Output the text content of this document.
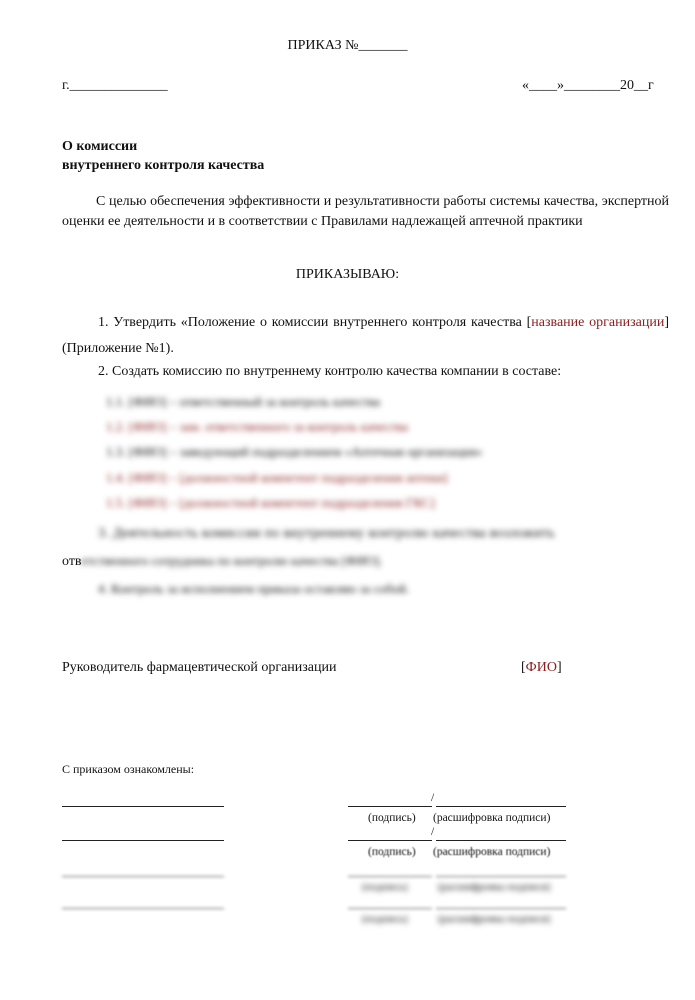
ПРИКАЗ №_______
г.______________	«____»________20__г
О комиссии
внутреннего контроля качества
С целью обеспечения эффективности и результативности работы системы качества, экспертной оценки ее деятельности и в соответствии с Правилами надлежащей аптечной практики
ПРИКАЗЫВАЮ:
1. Утвердить «Положение о комиссии внутреннего контроля качества [название организации] (Приложение №1).
2. Создать комиссию по внутреннему контролю качества компании в составе:
1.1. [ФИО] – ответственный за контроль качества
1.2. [ФИО] – зам. ответственного за контроль качества
1.3. [ФИО] – заведующий подразделением «Аптечная организация»
1.4. [ФИО] – [должностной компетент подразделения аптеки]
1.5. [ФИО] – [должностной компетент подразделения ГКС]
3. Деятельность комиссии по внутреннему контролю качества возложить
ответственного сотрудника по контролю качества [ФИО].
4. Контроль за исполнением приказа оставляю за собой.
Руководитель фармацевтической организации	[ФИО]
С приказом ознакомлены:
/
(подпись) (расшифровка подписи)
/
(подпись) (расшифровка подписи)
(подпись)	(расшифровка подписи)
(подпись)	(расшифровка подписи)
